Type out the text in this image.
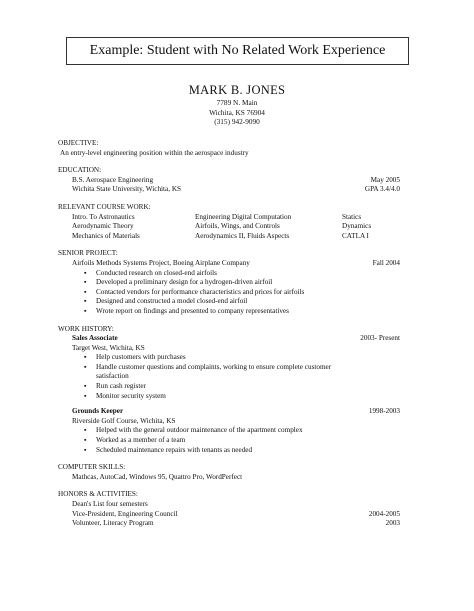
Example: Student with No Related Work Experience
MARK B. JONES
7789 N. Main
Wichita, KS 76904
(315) 942-9090
OBJECTIVE:
An entry-level engineering position within the aerospace industry
EDUCATION:
B.S. Aerospace Engineering	May 2005
Wichita State University, Wichita, KS	GPA 3.4/4.0
RELEVANT COURSE WORK:
Intro. To Astronautics	Engineering Digital Computation	Statics
Aerodynamic Theory	Airfoils, Wings, and Controls	Dynamics
Mechanics of Materials	Aerodynamics II, Fluids Aspects	CATLA I
SENIOR PROJECT:
Airfoils Methods Systems Project, Boeing Airplane Company	Fall 2004
▪ Conducted research on closed-end airfoils
▪ Developed a preliminary design for a hydrogen-driven airfoil
▪ Contacted vendors for performance characteristics and prices for airfoils
▪ Designed and constructed a model closed-end airfoil
▪ Wrote report on findings and presented to company representatives
WORK HISTORY:
Sales Associate	2003- Present
Target West, Wichita, KS
▪ Help customers with purchases
▪ Handle customer questions and complaints, working to ensure complete customer
satisfaction
▪ Run cash register
▪ Monitor security system
Grounds Keeper	1998-2003
Riverside Golf Course, Wichita, KS
▪ Helped with the general outdoor maintenance of the apartment complex
▪ Worked as a member of a team
▪ Scheduled maintenance repairs with tenants as needed
COMPUTER SKILLS:
Mathcas, AutoCad, Windows 95, Quattro Pro, WordPerfect
HONORS & ACTIVITIES:
Dean's List four semesters
Vice-President, Engineering Council	2004-2005
Volunteer, Literacy Program	2003
